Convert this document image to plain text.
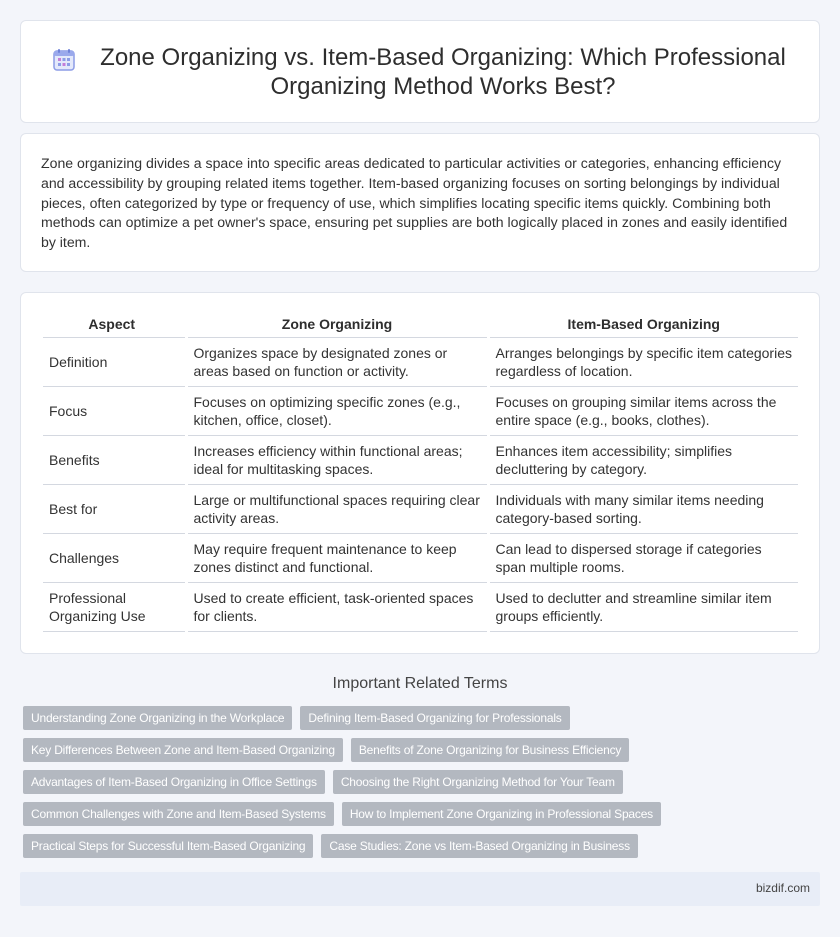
Zone Organizing vs. Item-Based Organizing: Which Professional Organizing Method Works Best?

Zone organizing divides a space into specific areas dedicated to particular activities or categories, enhancing efficiency and accessibility by grouping related items together. Item-based organizing focuses on sorting belongings by individual pieces, often categorized by type or frequency of use, which simplifies locating specific items quickly. Combining both methods can optimize a pet owner's space, ensuring pet supplies are both logically placed in zones and easily identified by item.

Aspect	Zone Organizing	Item-Based Organizing
Definition	Organizes space by designated zones or areas based on function or activity.	Arranges belongings by specific item categories regardless of location.
Focus	Focuses on optimizing specific zones (e.g., kitchen, office, closet).	Focuses on grouping similar items across the entire space (e.g., books, clothes).
Benefits	Increases efficiency within functional areas; ideal for multitasking spaces.	Enhances item accessibility; simplifies decluttering by category.
Best for	Large or multifunctional spaces requiring clear activity areas.	Individuals with many similar items needing category-based sorting.
Challenges	May require frequent maintenance to keep zones distinct and functional.	Can lead to dispersed storage if categories span multiple rooms.
Professional Organizing Use	Used to create efficient, task-oriented spaces for clients.	Used to declutter and streamline similar item groups efficiently.
Important Related Terms
Understanding Zone Organizing in the Workplace	Defining Item-Based Organizing for Professionals
Key Differences Between Zone and Item-Based Organizing	Benefits of Zone Organizing for Business Efficiency
Advantages of Item-Based Organizing in Office Settings	Choosing the Right Organizing Method for Your Team
Common Challenges with Zone and Item-Based Systems	How to Implement Zone Organizing in Professional Spaces
Practical Steps for Successful Item-Based Organizing	Case Studies: Zone vs Item-Based Organizing in Business
bizdif.com
